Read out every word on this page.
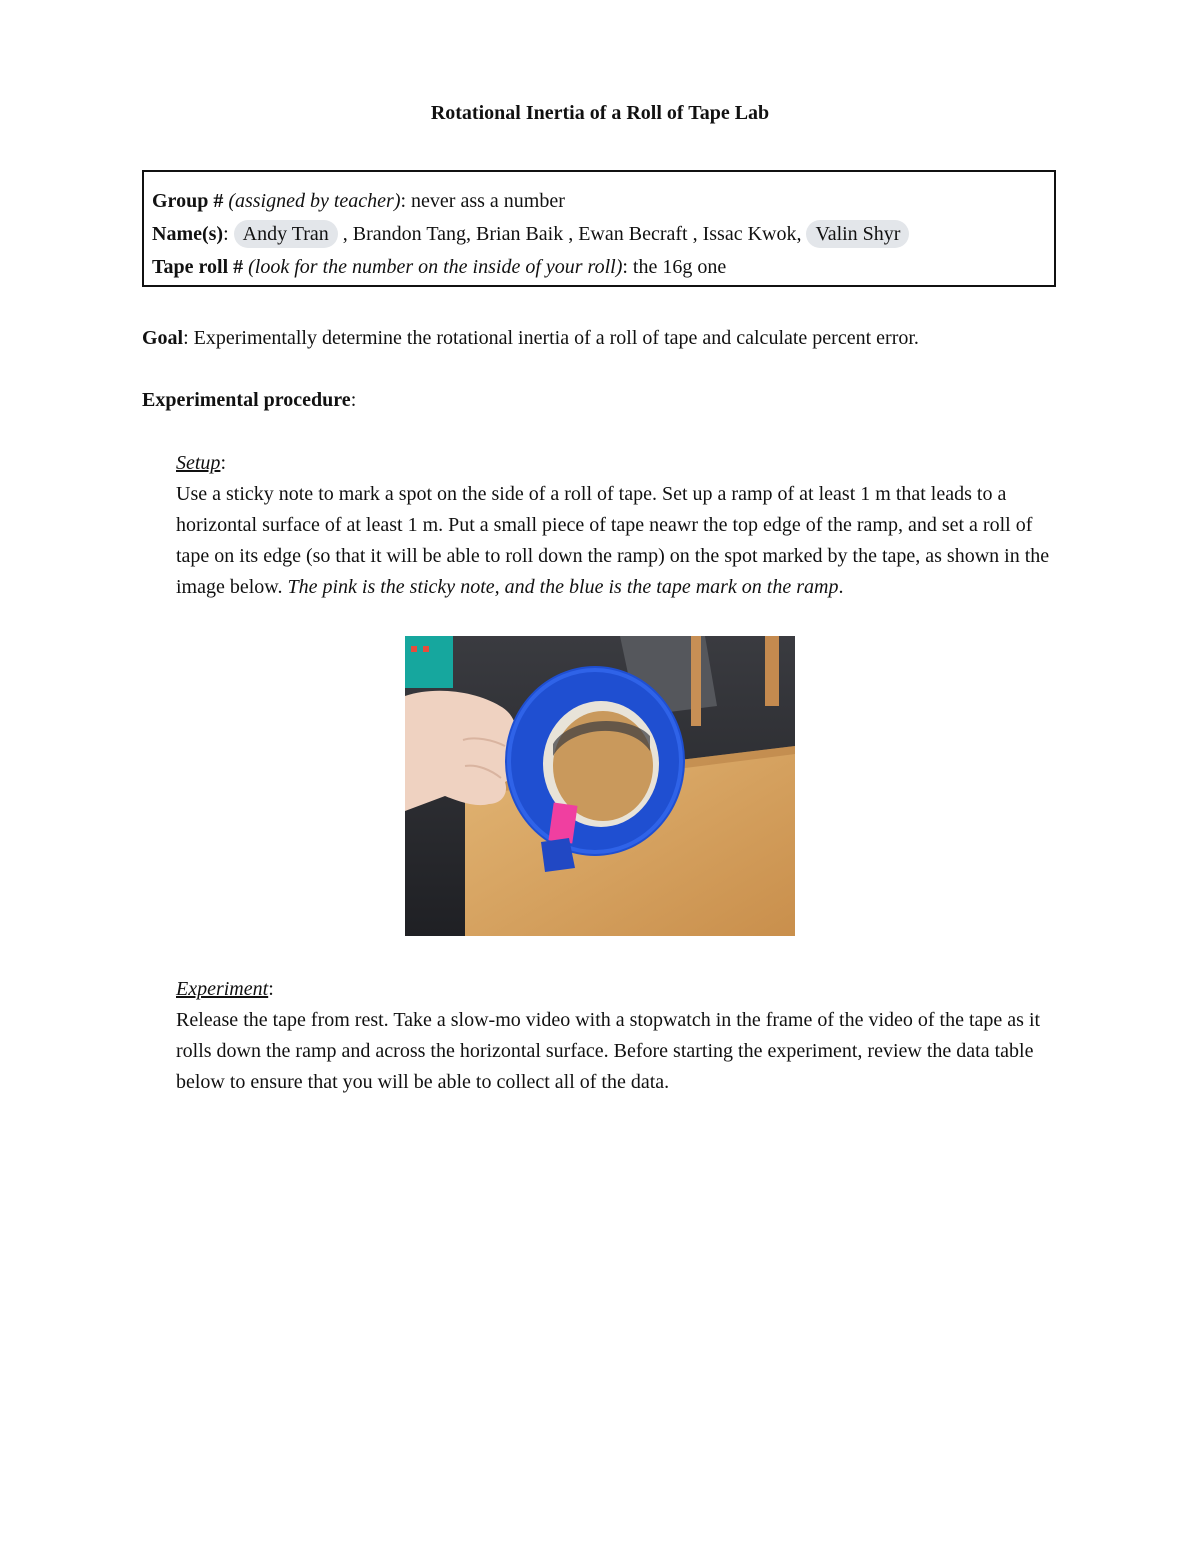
Rotational Inertia of a Roll of Tape Lab
Group # (assigned by teacher): never ass a number
Name(s): Andy Tran , Brandon Tang, Brian Baik , Ewan Becraft , Issac Kwok, Valin Shyr
Tape roll # (look for the number on the inside of your roll): the 16g one
Goal: Experimentally determine the rotational inertia of a roll of tape and calculate percent error.
Experimental procedure:
Setup:
Use a sticky note to mark a spot on the side of a roll of tape. Set up a ramp of at least 1 m that leads to a horizontal surface of at least 1 m. Put a small piece of tape neawr the top edge of the ramp, and set a roll of tape on its edge (so that it will be able to roll down the ramp) on the spot marked by the tape, as shown in the image below. The pink is the sticky note, and the blue is the tape mark on the ramp.
Experiment:
Release the tape from rest. Take a slow-mo video with a stopwatch in the frame of the video of the tape as it rolls down the ramp and across the horizontal surface. Before starting the experiment, review the data table below to ensure that you will be able to collect all of the data.
